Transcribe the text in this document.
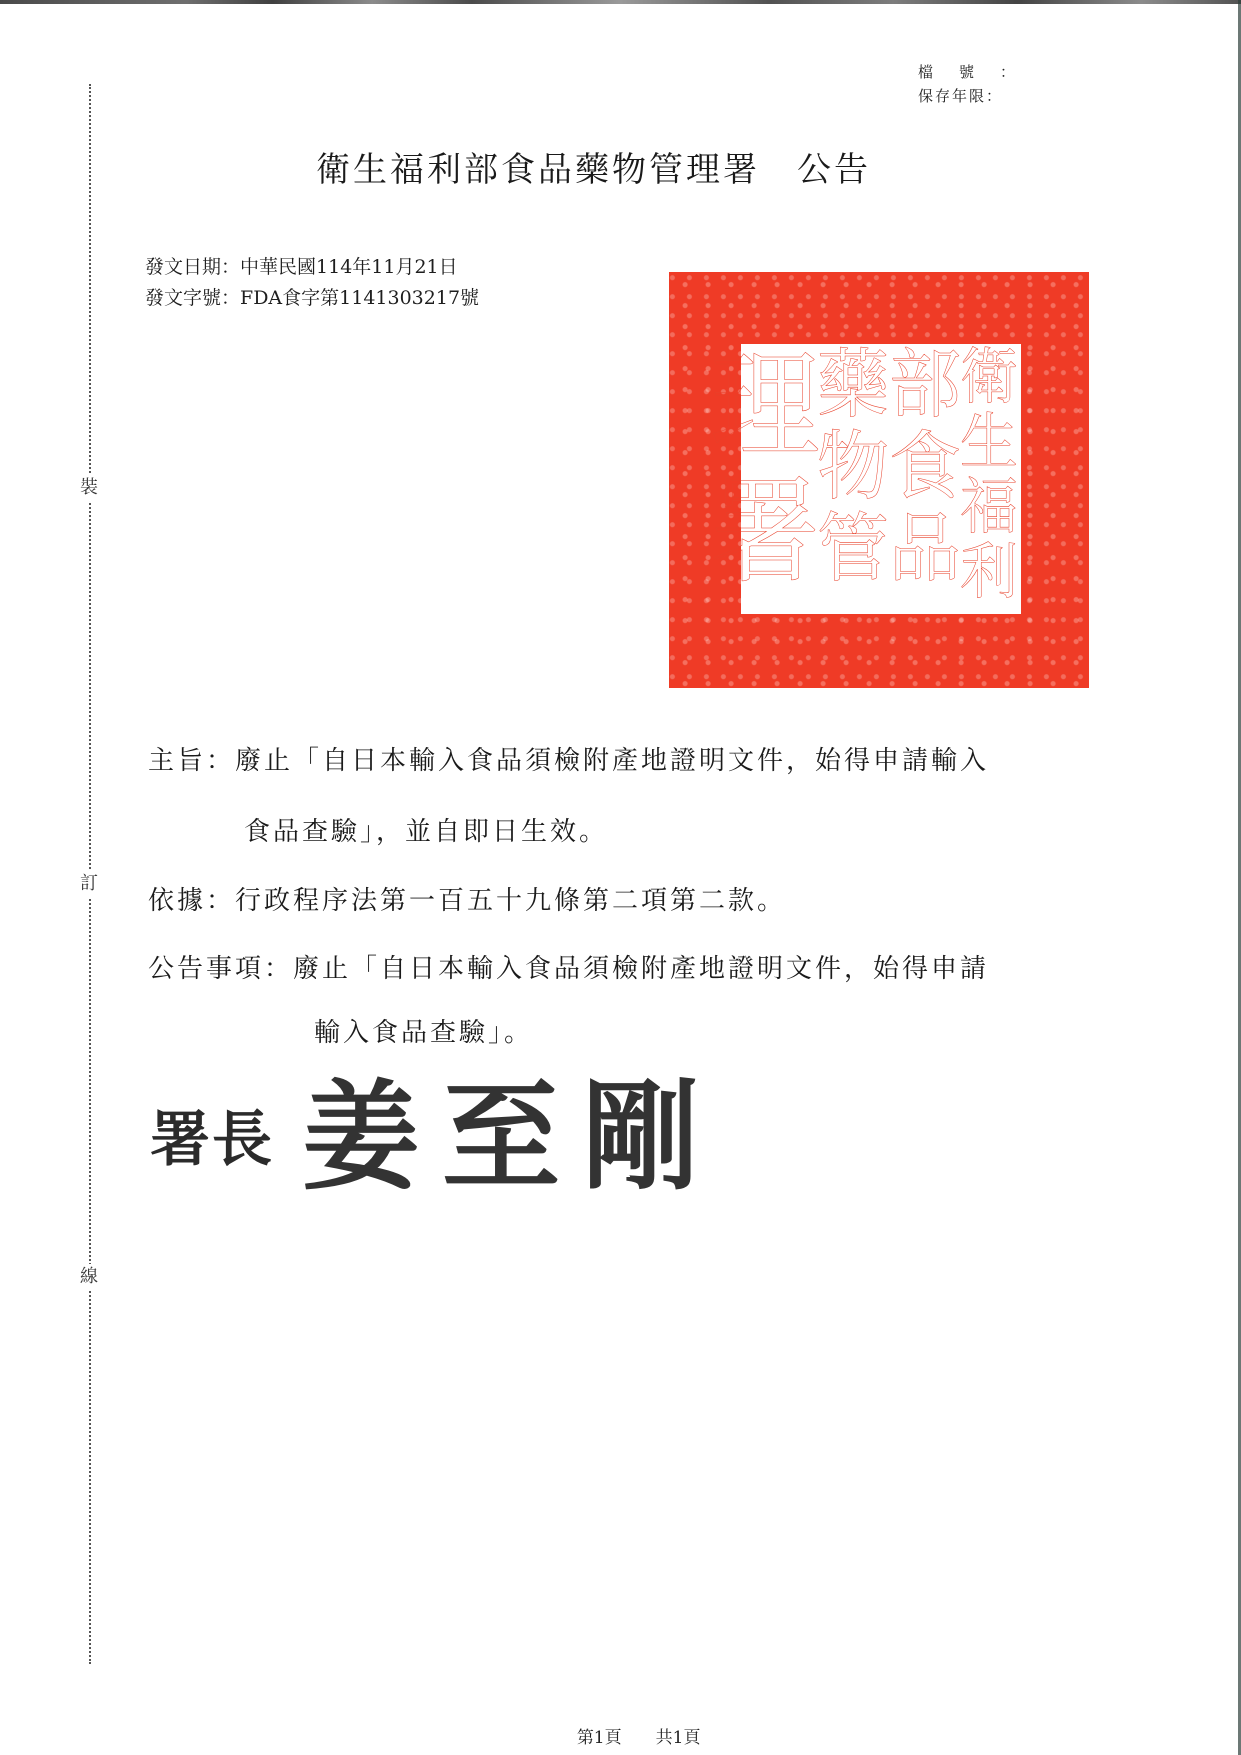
裝
訂
線
檔號：
保存年限：
衛生福利部食品藥物管理署　公告
發文日期：中華民國114年11月21日
發文字號：FDA食字第1141303217號
衛生福利
部食品
藥物管
理署
主旨：廢止「自日本輸入食品須檢附產地證明文件，始得申請輸入
食品查驗」，並自即日生效。
依據：行政程序法第一百五十九條第二項第二款。
公告事項：廢止「自日本輸入食品須檢附產地證明文件，始得申請
輸入食品查驗」。
署長 姜至剛

第1頁　　 共1頁
